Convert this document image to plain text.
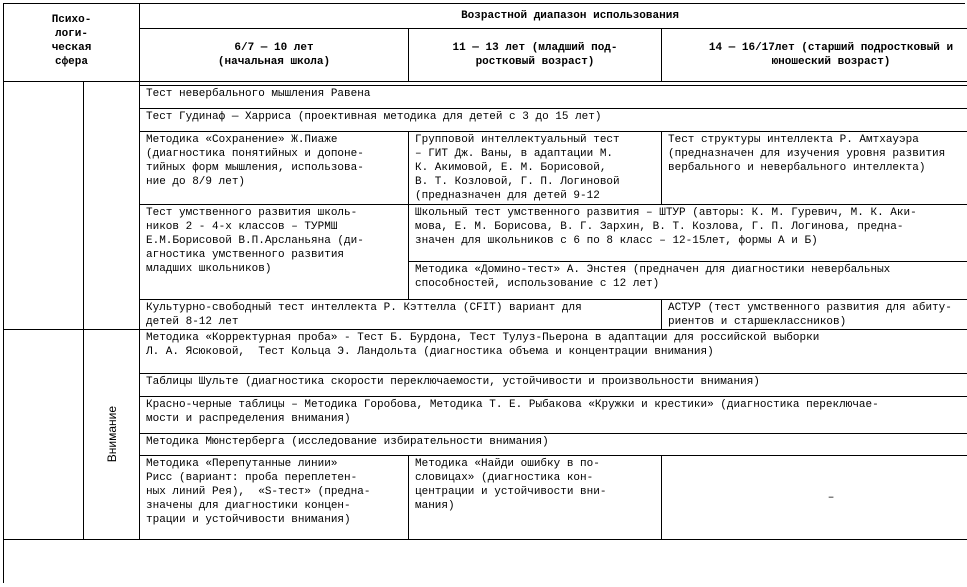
Психо-
логи-
ческая
сфера
Возрастной диапазон использования
6/7 — 10 лет
(начальная школа)
11 — 13 лет (младший под-
ростковый возраст)
14 — 16/17лет (старший подростковый и
юношеский возраст)
Тест невербального мышления Равена
Тест Гудинаф — Харриса (проективная методика для детей с 3 до 15 лет)
Методика «Сохранение» Ж.Пиаже
(диагностика понятийных и допоне-
тийных форм мышления, использова-
ние до 8/9 лет)
Групповой интеллектуальный тест
– ГИТ Дж. Ваны, в адаптации М.
К. Акимовой, Е. М. Борисовой,
В. Т. Козловой, Г. П. Логиновой
(предназначен для детей 9-12

Тест структуры интеллекта Р. Амтхауэра
(предназначен для изучения уровня развития
вербального и невербального интеллекта)
Тест умственного развития школь-
ников 2 - 4-х классов – ТУРМШ
Е.М.Борисовой В.П.Арсланьяна (ди-
агностика умственного развития
младших школьников)
Школьный тест умственного развития – ШТУР (авторы: К. М. Гуревич, М. К. Аки-
мова, Е. М. Борисова, В. Г. Зархин, В. Т. Козлова, Г. П. Логинова, предна-
значен для школьников с 6 по 8 класс – 12-15лет, формы А и Б)
Методика «Домино-тест» А. Энстея (предначен для диагностики невербальных
способностей, использование с 12 лет)
Культурно-свободный тест интеллекта Р. Кэттелла (CFIT) вариант для
детей 8-12 лет
АСТУР (тест умственного развития для абиту-
риентов и старшеклассников)
Внимание
Методика «Корректурная проба» - Тест Б. Бурдона, Тест Тулуз-Пьерона в адаптации для российской выборки
Л. А. Ясюковой,  Тест Кольца Э. Ландольта (диагностика объема и концентрации внимания)
Таблицы Шульте (диагностика скорости переключаемости, устойчивости и произвольности внимания)
Красно-черные таблицы – Методика Горобова, Методика Т. Е. Рыбакова «Кружки и крестики» (диагностика переключае-
мости и распределения внимания)
Методика Мюнстерберга (исследование избирательности внимания)
Методика «Перепутанные линии»
Рисс (вариант: проба переплетен-
ных линий Рея),  «S-тест» (предна-
значены для диагностики концен-
трации и устойчивости внимания)
Методика «Найди ошибку в по-
словицах» (диагностика кон-
центрации и устойчивости вни-
мания)
–
